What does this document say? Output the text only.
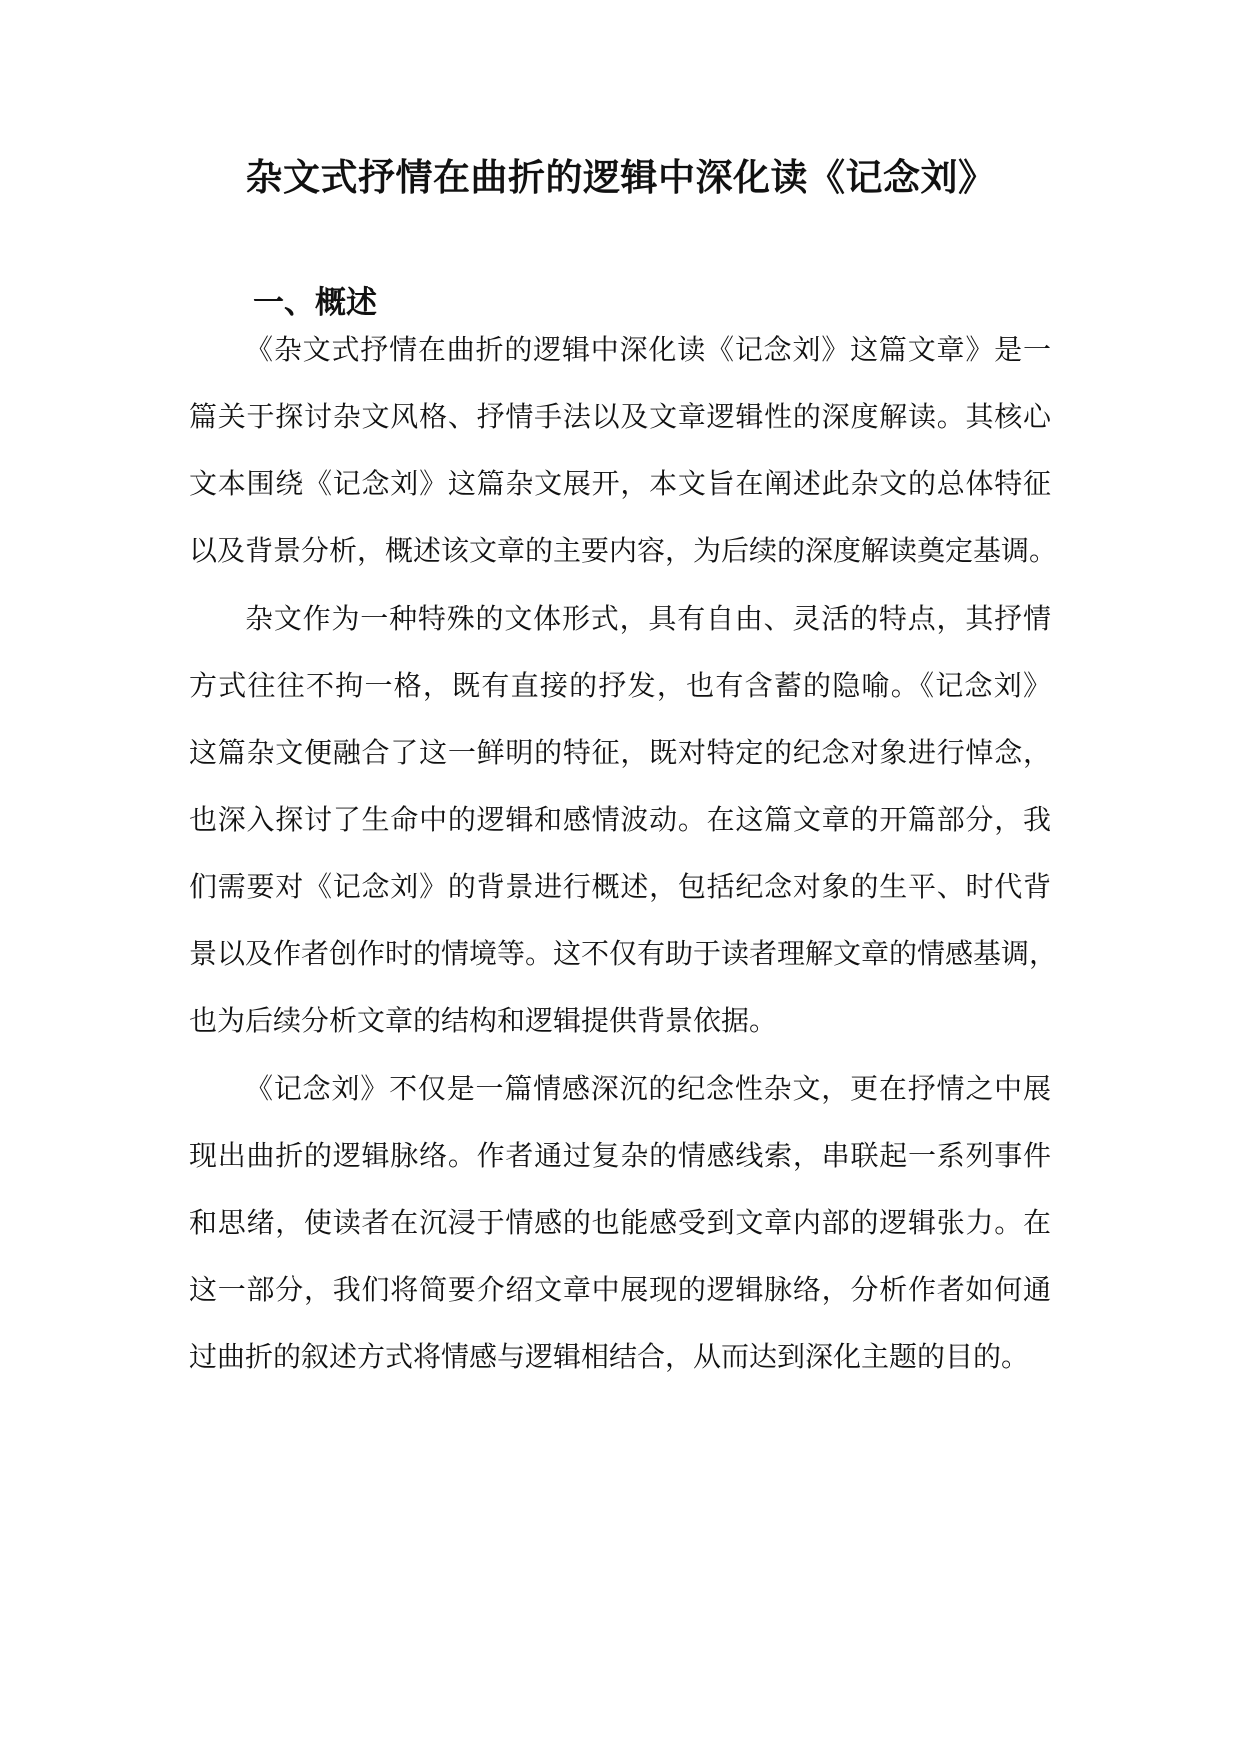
杂文式抒情在曲折的逻辑中深化读《记念刘》
一、概述
《杂文式抒情在曲折的逻辑中深化读《记念刘》这篇文章》是一
篇关于探讨杂文风格、抒情手法以及文章逻辑性的深度解读。其核心
文本围绕《记念刘》这篇杂文展开，本文旨在阐述此杂文的总体特征
以及背景分析，概述该文章的主要内容，为后续的深度解读奠定基调。
杂文作为一种特殊的文体形式，具有自由、灵活的特点，其抒情
方式往往不拘一格，既有直接的抒发，也有含蓄的隐喻。《记念刘》
这篇杂文便融合了这一鲜明的特征，既对特定的纪念对象进行悼念，
也深入探讨了生命中的逻辑和感情波动。在这篇文章的开篇部分，我
们需要对《记念刘》的背景进行概述，包括纪念对象的生平、时代背
景以及作者创作时的情境等。这不仅有助于读者理解文章的情感基调，
也为后续分析文章的结构和逻辑提供背景依据。
《记念刘》不仅是一篇情感深沉的纪念性杂文，更在抒情之中展
现出曲折的逻辑脉络。作者通过复杂的情感线索，串联起一系列事件
和思绪，使读者在沉浸于情感的也能感受到文章内部的逻辑张力。在
这一部分，我们将简要介绍文章中展现的逻辑脉络，分析作者如何通
过曲折的叙述方式将情感与逻辑相结合，从而达到深化主题的目的。
